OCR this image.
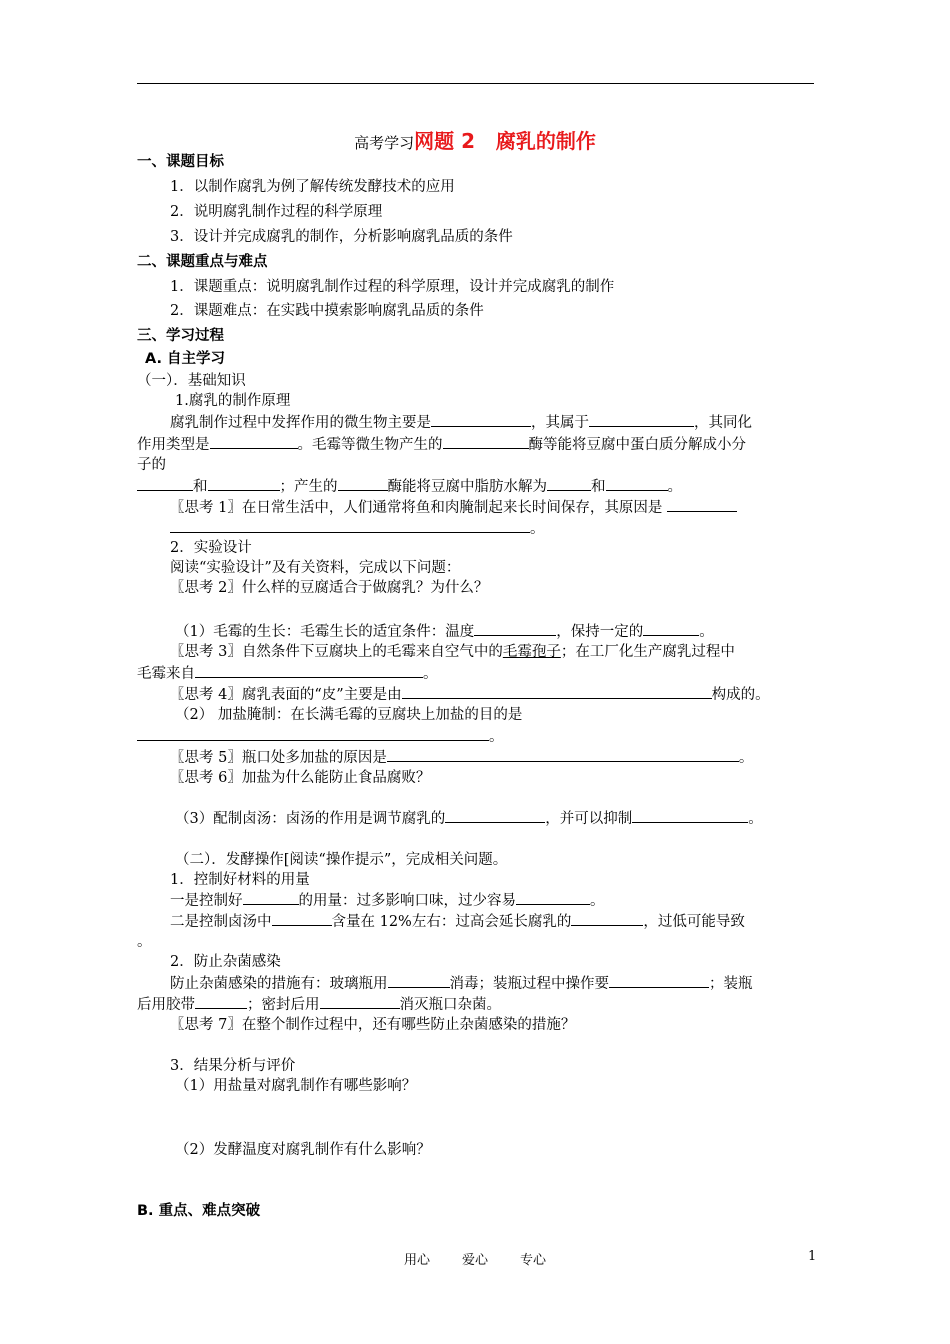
高考学习网题 2   腐乳的制作
一、课题目标
1．以制作腐乳为例了解传统发酵技术的应用
2．说明腐乳制作过程的科学原理
3．设计并完成腐乳的制作，分析影响腐乳品质的条件
二、课题重点与难点
1．课题重点：说明腐乳制作过程的科学原理，设计并完成腐乳的制作
2．课题难点：在实践中摸索影响腐乳品质的条件
三、学习过程
A. 自主学习
（一）．基础知识
1.腐乳的制作原理
腐乳制作过程中发挥作用的微生物主要是	，其属于	，其同化
作用类型是	。毛霉等微生物产生的	酶等能将豆腐中蛋白质分解成小分
子的
和	；产生的	酶能将豆腐中脂肪水解为	和	。
〖思考 1〗在日常生活中，人们通常将鱼和肉腌制起来长时间保存，其原因是
。
2．实验设计
阅读“实验设计”及有关资料，完成以下问题：
〖思考 2〗什么样的豆腐适合于做腐乳？为什么？
（1）毛霉的生长：毛霉生长的适宜条件：温度	，保持一定的	。
〖思考 3〗自然条件下豆腐块上的毛霉来自空气中的毛霉孢子；在工厂化生产腐乳过程中
毛霉来自	。
〖思考 4〗腐乳表面的“皮”主要是由	构成的。
（2） 加盐腌制：在长满毛霉的豆腐块上加盐的目的是
。
〖思考 5〗瓶口处多加盐的原因是	。
〖思考 6〗加盐为什么能防止食品腐败？
（3）配制卤汤：卤汤的作用是调节腐乳的	，并可以抑制	。
（二）．发酵操作[阅读“操作提示”，完成相关问题。
1．控制好材料的用量
一是控制好	的用量：过多影响口味，过少容易	。
二是控制卤汤中	含量在 12%左右：过高会延长腐乳的	，过低可能导致
。
2．防止杂菌感染
防止杂菌感染的措施有：玻璃瓶用	消毒；装瓶过程中操作要	；装瓶
后用胶带	；密封后用	消灭瓶口杂菌。
〖思考 7〗在整个制作过程中，还有哪些防止杂菌感染的措施？
3．结果分析与评价
（1）用盐量对腐乳制作有哪些影响？
（2）发酵温度对腐乳制作有什么影响？
B. 重点、难点突破
用心 爱心 专心	1
